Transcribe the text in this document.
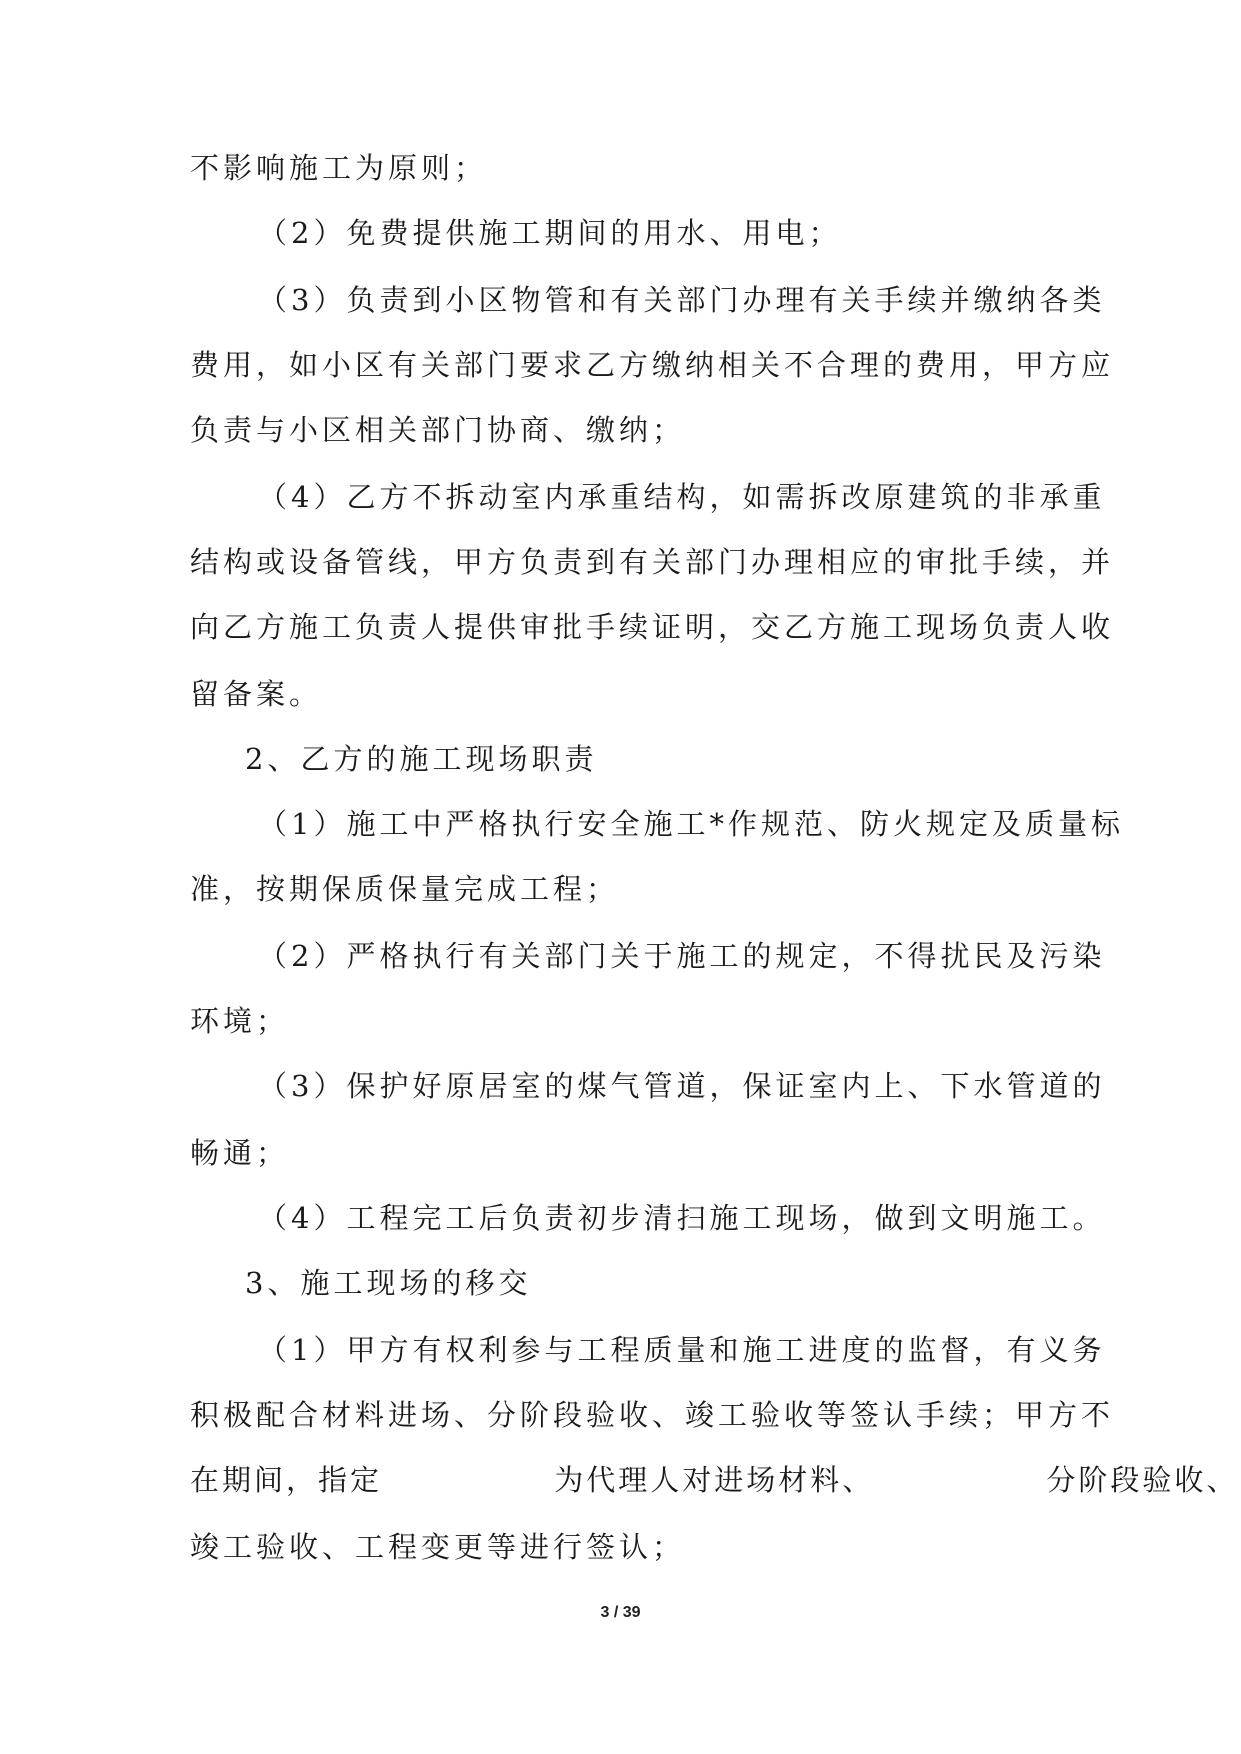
不影响施工为原则；
（2）免费提供施工期间的用水、用电；
（3）负责到小区物管和有关部门办理有关手续并缴纳各类
费用，如小区有关部门要求乙方缴纳相关不合理的费用，甲方应
负责与小区相关部门协商、缴纳；
（4）乙方不拆动室内承重结构，如需拆改原建筑的非承重
结构或设备管线，甲方负责到有关部门办理相应的审批手续，并
向乙方施工负责人提供审批手续证明，交乙方施工现场负责人收
留备案。
2、乙方的施工现场职责
（1）施工中严格执行安全施工*作规范、防火规定及质量标
准，按期保质保量完成工程；
（2）严格执行有关部门关于施工的规定，不得扰民及污染
环境；
（3）保护好原居室的煤气管道，保证室内上、下水管道的
畅通；
（4）工程完工后负责初步清扫施工现场，做到文明施工。
3、施工现场的移交
（1）甲方有权利参与工程质量和施工进度的监督，有义务
积极配合材料进场、分阶段验收、竣工验收等签认手续；甲方不
在期间，指定 为代理人对进场材料、 分阶段验收、
竣工验收、工程变更等进行签认；
3 / 39
